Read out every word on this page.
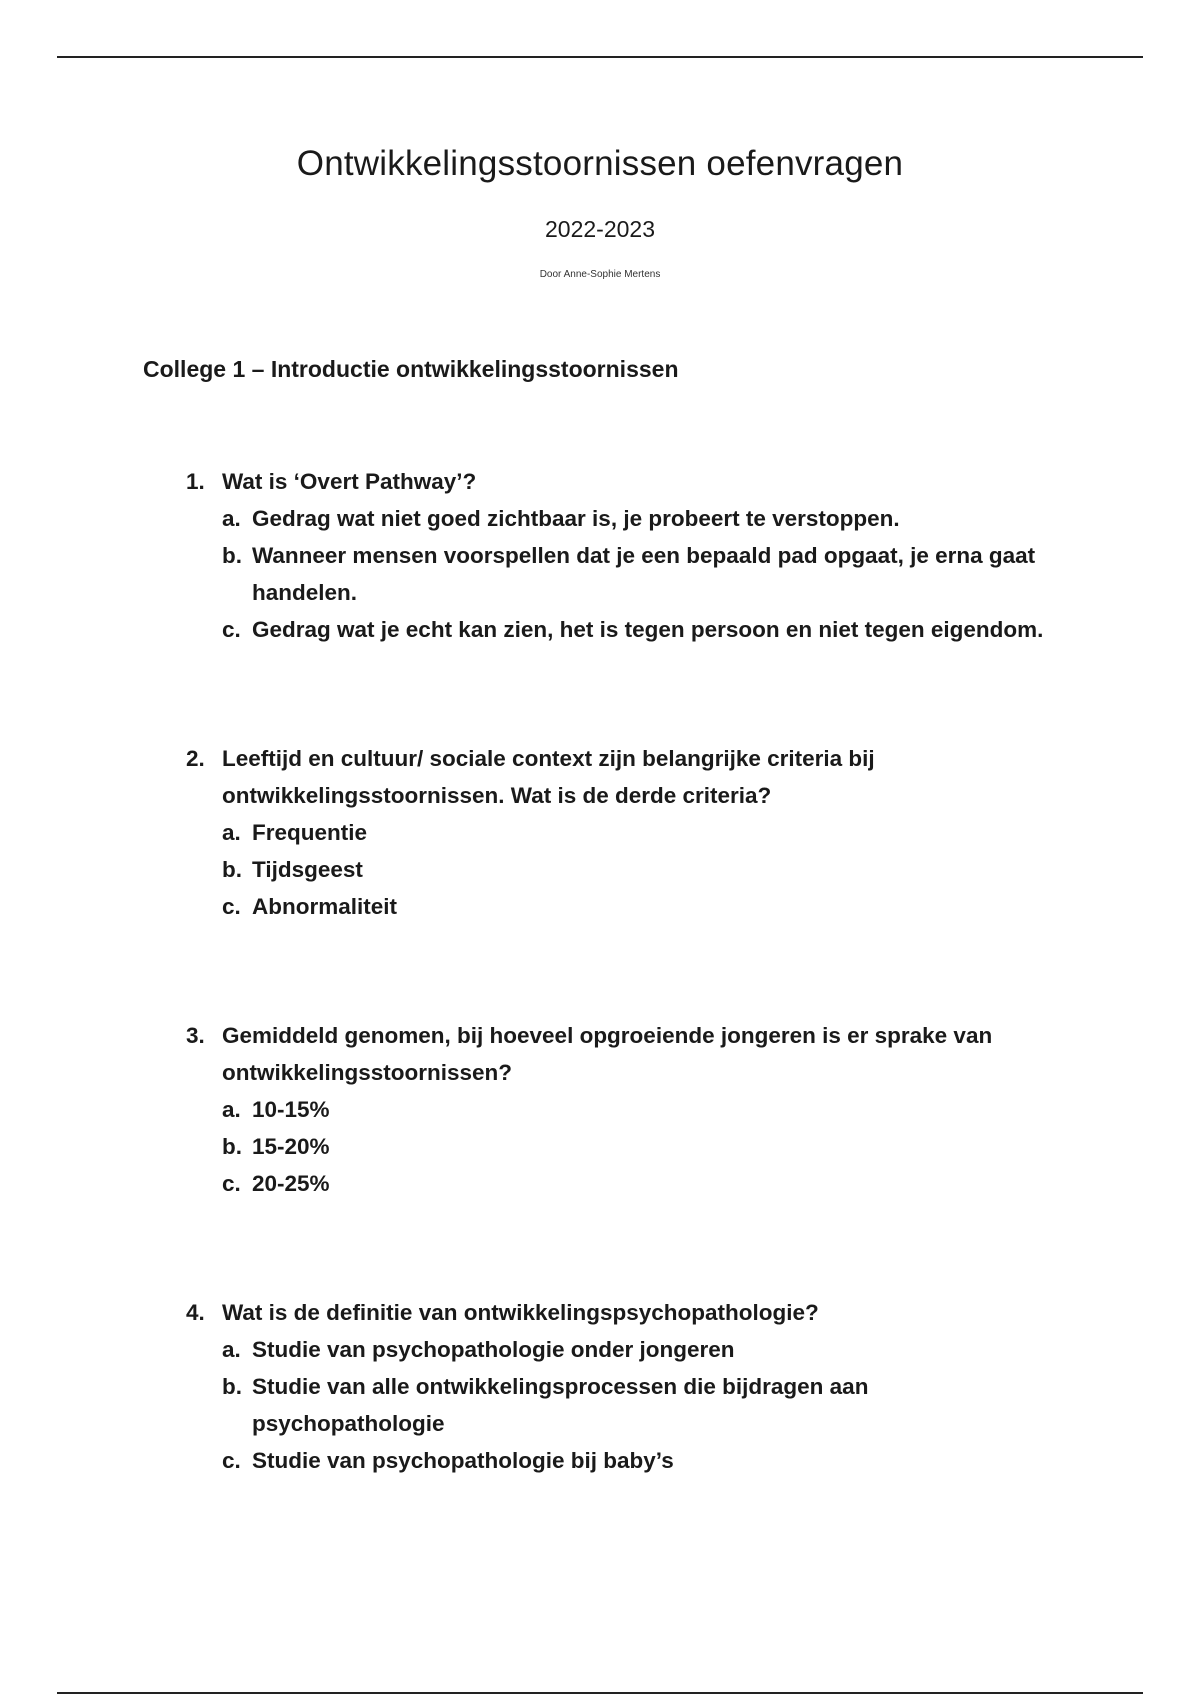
Ontwikkelingsstoornissen oefenvragen
2022-2023
Door Anne-Sophie Mertens
College 1 – Introductie ontwikkelingsstoornissen
1. Wat is ‘Overt Pathway’?
a. Gedrag wat niet goed zichtbaar is, je probeert te verstoppen.
b. Wanneer mensen voorspellen dat je een bepaald pad opgaat, je erna gaat handelen.
c. Gedrag wat je echt kan zien, het is tegen persoon en niet tegen eigendom.
2. Leeftijd en cultuur/ sociale context zijn belangrijke criteria bij ontwikkelingsstoornissen. Wat is de derde criteria?
a. Frequentie
b. Tijdsgeest
c. Abnormaliteit
3. Gemiddeld genomen, bij hoeveel opgroeiende jongeren is er sprake van ontwikkelingsstoornissen?
a. 10-15%
b. 15-20%
c. 20-25%
4. Wat is de definitie van ontwikkelingspsychopathologie?
a. Studie van psychopathologie onder jongeren
b. Studie van alle ontwikkelingsprocessen die bijdragen aan psychopathologie
c. Studie van psychopathologie bij baby’s
